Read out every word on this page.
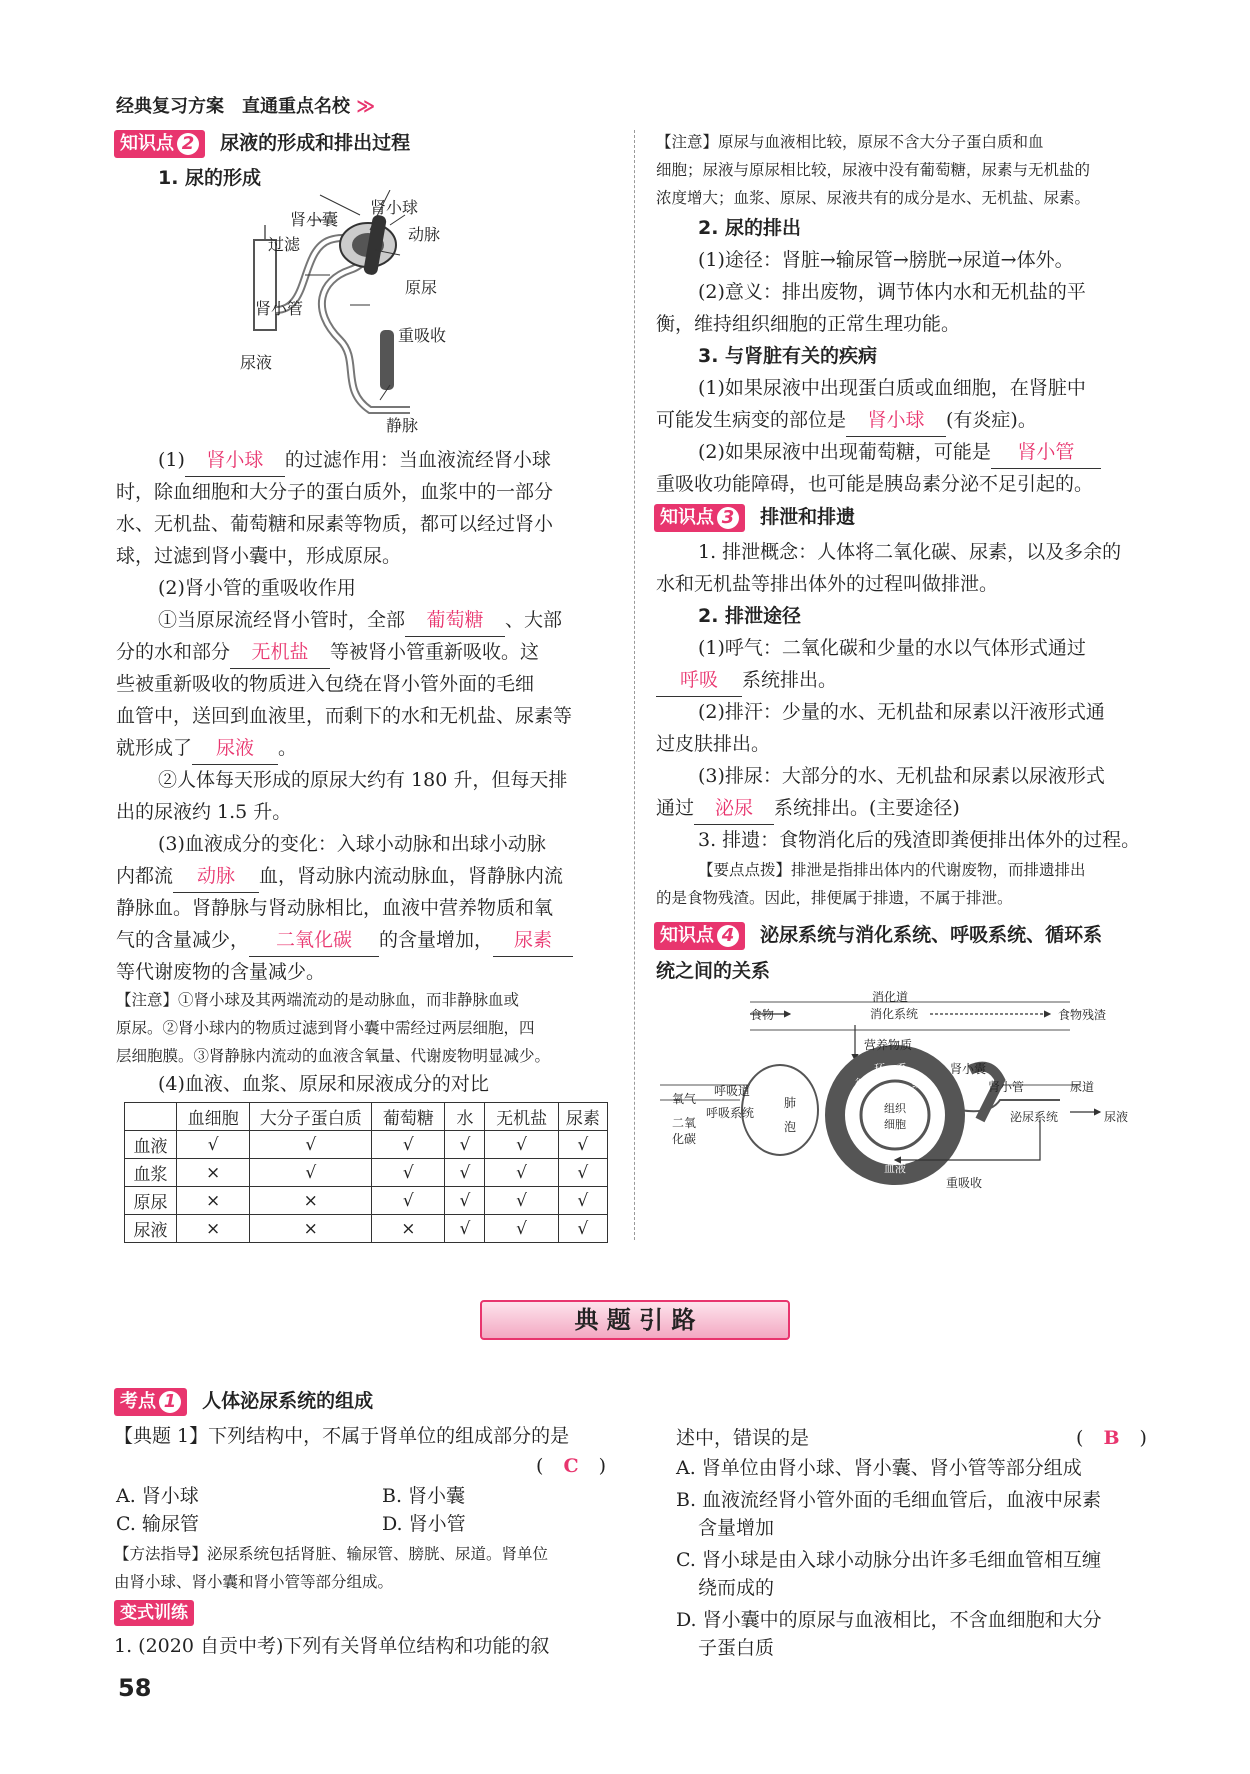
经典复习方案　直通重点名校 ≫
知识点 2 尿液的形成和排出过程
1. 尿的形成
肾小囊
肾小球
过滤
动脉
原尿
肾小管
重吸收
尿液
静脉
(1) 肾小球 的过滤作用：当血液流经肾小球
时，除血细胞和大分子的蛋白质外，血浆中的一部分
水、无机盐、葡萄糖和尿素等物质，都可以经过肾小
球，过滤到肾小囊中，形成原尿。
(2)肾小管的重吸收作用
①当原尿流经肾小管时，全部 葡萄糖 、大部
分的水和部分 无机盐 等被肾小管重新吸收。这
些被重新吸收的物质进入包绕在肾小管外面的毛细
血管中，送回到血液里，而剩下的水和无机盐、尿素等
就形成了 尿液 。
②人体每天形成的原尿大约有 180 升，但每天排
出的尿液约 1.5 升。
(3)血液成分的变化：入球小动脉和出球小动脉
内都流 动脉 血，肾动脉内流动脉血，肾静脉内流
静脉血。肾静脉与肾动脉相比，血液中营养物质和氧
气的含量减少， 二氧化碳 的含量增加， 尿素
等代谢废物的含量减少。
【注意】①肾小球及其两端流动的是动脉血，而非静脉血或
原尿。②肾小球内的物质过滤到肾小囊中需经过两层细胞，四
层细胞膜。③肾静脉内流动的血液含氧量、代谢废物明显减少。
(4)血液、血浆、原尿和尿液成分的对比
	血细胞	大分子蛋白质	葡萄糖	水	无机盐	尿素
血液	√	√	√	√	√	√
血浆	×	√	√	√	√	√
原尿	×	×	√	√	√	√
尿液	×	×	×	√	√	√
【注意】原尿与血液相比较，原尿不含大分子蛋白质和血
细胞；尿液与原尿相比较，尿液中没有葡萄糖，尿素与无机盐的
浓度增大；血浆、原尿、尿液共有的成分是水、无机盐、尿素。
2. 尿的排出
(1)途径：肾脏→输尿管→膀胱→尿道→体外。
(2)意义：排出废物，调节体内水和无机盐的平
衡，维持组织细胞的正常生理功能。
3. 与肾脏有关的疾病
(1)如果尿液中出现蛋白质或血细胞，在肾脏中
可能发生病变的部位是 肾小球 (有炎症)。
(2)如果尿液中出现葡萄糖，可能是 肾小管
重吸收功能障碍，也可能是胰岛素分泌不足引起的。
知识点 3 排泄和排遗
1. 排泄概念：人体将二氧化碳、尿素，以及多余的
水和无机盐等排出体外的过程叫做排泄。
2. 排泄途径
(1)呼气：二氧化碳和少量的水以气体形式通过
呼吸 系统排出。
(2)排汗：少量的水、无机盐和尿素以汗液形式通
过皮肤排出。
(3)排尿：大部分的水、无机盐和尿素以尿液形式
通过 泌尿 系统排出。(主要途径)
3. 排遗：食物消化后的残渣即粪便排出体外的过程。
【要点点拨】排泄是指排出体内的代谢废物，而排遗排出
的是食物残渣。因此，排便属于排遗，不属于排泄。
知识点 4 泌尿系统与消化系统、呼吸系统、循环系
统之间的关系
消化道
食物	消化系统	食物残渣
营养物质
循
环 系
统
组织
细胞
血液
氧气
二氧
化碳
呼吸道
呼吸系统
肺
泡
肾小囊
肾小管	尿道
泌尿系统	尿液
重吸收
典 题 引 路
考点 1 人体泌尿系统的组成
【典题 1】下列结构中，不属于肾单位的组成部分的是
( C )
A. 肾小球	B. 肾小囊
C. 输尿管	D. 肾小管
【方法指导】泌尿系统包括肾脏、输尿管、膀胱、尿道。肾单位
由肾小球、肾小囊和肾小管等部分组成。
变式训练
1. (2020 自贡中考)下列有关肾单位结构和功能的叙
述中，错误的是	( B )
A. 肾单位由肾小球、肾小囊、肾小管等部分组成
B. 血液流经肾小管外面的毛细血管后，血液中尿素
含量增加
C. 肾小球是由入球小动脉分出许多毛细血管相互缠
绕而成的
D. 肾小囊中的原尿与血液相比，不含血细胞和大分
子蛋白质
58
